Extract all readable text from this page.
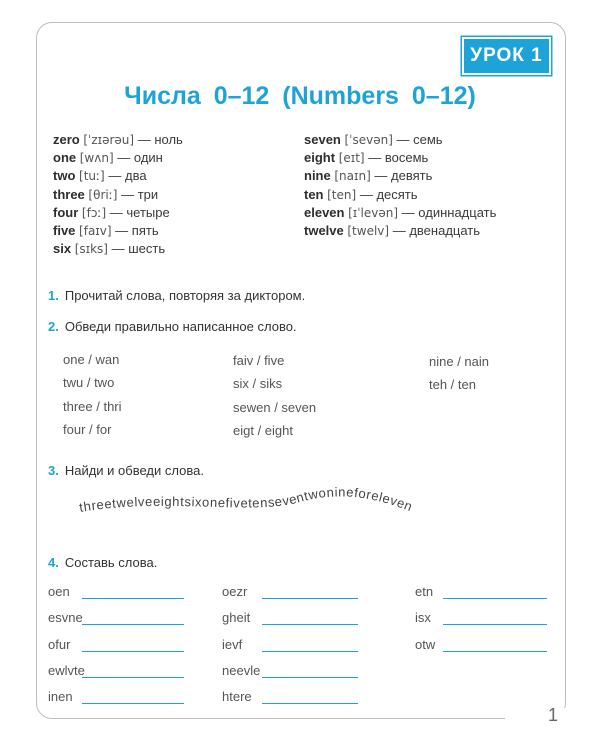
УРОК 1
Числа 0–12 (Numbers 0–12)
zero [ˈzɪərəu] — ноль
one [wʌn] — один
two [tuː] — два
three [θriː] — три
four [fɔː] — четыре
five [faɪv] — пять
six [sɪks] — шесть
seven [ˈsevən] — семь
eight [eɪt] — восемь
nine [naɪn] — девять
ten [ten] — десять
eleven [ɪˈlevən] — одиннадцать
twelve [twelv] — двенадцать
1. Прочитай слова, повторяя за диктором.
2. Обведи правильно написанное слово.
one / wan
twu / two
three / thri
four / for
faiv / five
six / siks
sewen / seven
eigt / eight
nine / nain
teh / ten
3. Найди и обведи слова.
threetwelveeightsixonefivetenseventwonineforeleven
4. Составь слова.
oen
esvne
ofur
ewlvte
inen
oezr
gheit
ievf
neevle
htere
etn
isx
otw
1
